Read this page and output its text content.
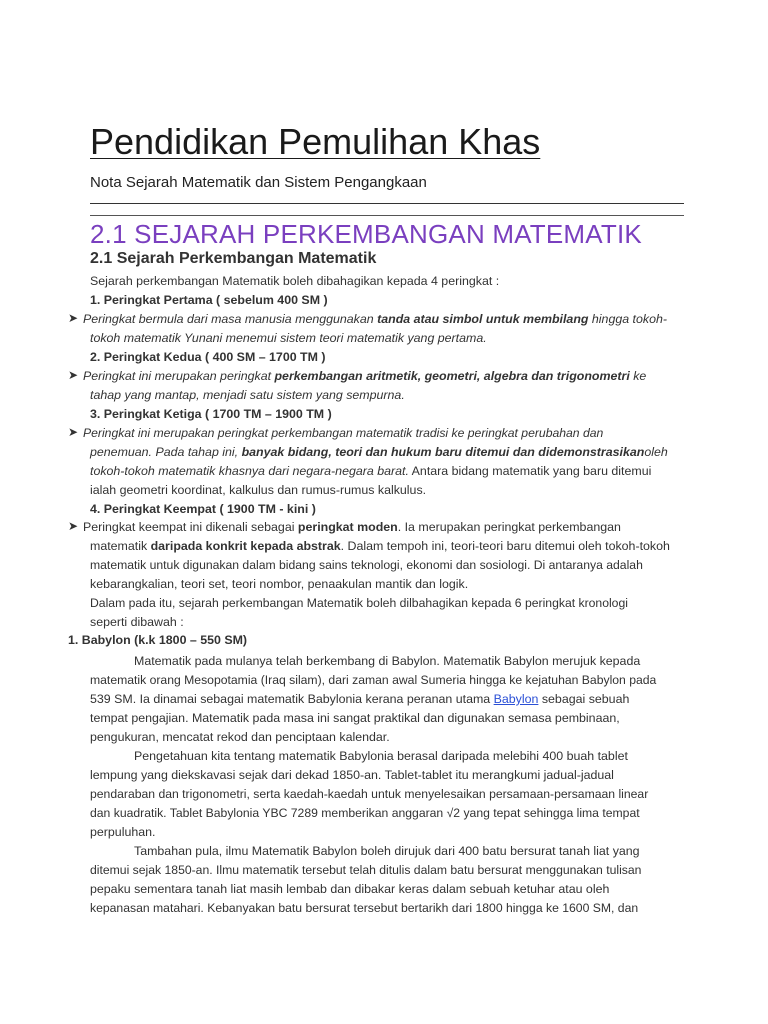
Pendidikan Pemulihan Khas
Nota Sejarah Matematik dan Sistem Pengangkaan
2.1 SEJARAH PERKEMBANGAN MATEMATIK
2.1 Sejarah Perkembangan Matematik
Sejarah perkembangan Matematik boleh dibahagikan kepada 4 peringkat :
1. Peringkat Pertama ( sebelum 400 SM )
➤ Peringkat bermula dari masa manusia menggunakan tanda atau simbol untuk membilang hingga tokoh-
tokoh matematik Yunani menemui sistem teori matematik yang pertama.
2. Peringkat Kedua ( 400 SM – 1700 TM )
➤ Peringkat ini merupakan peringkat perkembangan aritmetik, geometri, algebra dan trigonometri ke
tahap yang mantap, menjadi satu sistem yang sempurna.
3. Peringkat Ketiga ( 1700 TM – 1900 TM )
➤ Peringkat ini merupakan peringkat perkembangan matematik tradisi ke peringkat perubahan dan
penemuan. Pada tahap ini, banyak bidang, teori dan hukum baru ditemui dan didemonstrasikanoleh
tokoh-tokoh matematik khasnya dari negara-negara barat. Antara bidang matematik yang baru ditemui
ialah geometri koordinat, kalkulus dan rumus-rumus kalkulus.
4. Peringkat Keempat ( 1900 TM - kini )
➤ Peringkat keempat ini dikenali sebagai peringkat moden. Ia merupakan peringkat perkembangan
matematik daripada konkrit kepada abstrak. Dalam tempoh ini, teori-teori baru ditemui oleh tokoh-tokoh
matematik untuk digunakan dalam bidang sains teknologi, ekonomi dan sosiologi. Di antaranya adalah
kebarangkalian, teori set, teori nombor, penaakulan mantik dan logik.
Dalam pada itu, sejarah perkembangan Matematik boleh dilbahagikan kepada 6 peringkat kronologi
seperti dibawah :
1. Babylon (k.k 1800 – 550 SM)
Matematik pada mulanya telah berkembang di Babylon. Matematik Babylon merujuk kepada
matematik orang Mesopotamia (Iraq silam), dari zaman awal Sumeria hingga ke kejatuhan Babylon pada
539 SM. Ia dinamai sebagai matematik Babylonia kerana peranan utama Babylon sebagai sebuah
tempat pengajian. Matematik pada masa ini sangat praktikal dan digunakan semasa pembinaan,
pengukuran, mencatat rekod dan penciptaan kalendar.
Pengetahuan kita tentang matematik Babylonia berasal daripada melebihi 400 buah tablet
lempung yang diekskavasi sejak dari dekad 1850-an. Tablet-tablet itu merangkumi jadual-jadual
pendaraban dan trigonometri, serta kaedah-kaedah untuk menyelesaikan persamaan-persamaan linear
dan kuadratik. Tablet Babylonia YBC 7289 memberikan anggaran √2 yang tepat sehingga lima tempat
perpuluhan.
Tambahan pula, ilmu Matematik Babylon boleh dirujuk dari 400 batu bersurat tanah liat yang
ditemui sejak 1850-an. Ilmu matematik tersebut telah ditulis dalam batu bersurat menggunakan tulisan
pepaku sementara tanah liat masih lembab dan dibakar keras dalam sebuah ketuhar atau oleh
kepanasan matahari. Kebanyakan batu bersurat tersebut bertarikh dari 1800 hingga ke 1600 SM, dan
